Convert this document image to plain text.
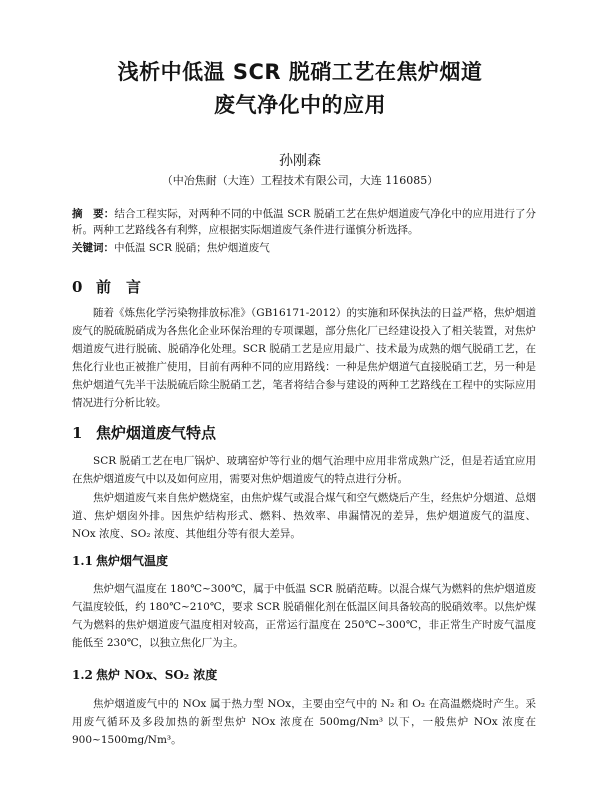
浅析中低温 SCR 脱硝工艺在焦炉烟道
废气净化中的应用
孙刚森
（中冶焦耐（大连）工程技术有限公司，大连 116085）
摘　要：结合工程实际，对两种不同的中低温 SCR 脱硝工艺在焦炉烟道废气净化中的应用进行了分析。两种工艺路线各有利弊，应根据实际烟道废气条件进行谨慎分析选择。
关键词：中低温 SCR 脱硝；焦炉烟道废气
0 前　言
随着《炼焦化学污染物排放标准》（GB16171-2012）的实施和环保执法的日益严格，焦炉烟道废气的脱硫脱硝成为各焦化企业环保治理的专项课题，部分焦化厂已经建设投入了相关装置，对焦炉烟道废气进行脱硫、脱硝净化处理。SCR 脱硝工艺是应用最广、技术最为成熟的烟气脱硝工艺，在焦化行业也正被推广使用，目前有两种不同的应用路线：一种是焦炉烟道气直接脱硝工艺，另一种是焦炉烟道气先半干法脱硫后除尘脱硝工艺，笔者将结合参与建设的两种工艺路线在工程中的实际应用情况进行分析比较。
1 焦炉烟道废气特点
SCR 脱硝工艺在电厂锅炉、玻璃窑炉等行业的烟气治理中应用非常成熟广泛，但是若适宜应用在焦炉烟道废气中以及如何应用，需要对焦炉烟道废气的特点进行分析。
焦炉烟道废气来自焦炉燃烧室，由焦炉煤气或混合煤气和空气燃烧后产生，经焦炉分烟道、总烟道、焦炉烟囱外排。因焦炉结构形式、燃料、热效率、串漏情况的差异，焦炉烟道废气的温度、NOx 浓度、SO₂ 浓度、其他组分等有很大差异。
1.1 焦炉烟气温度
焦炉烟气温度在 180℃~300℃，属于中低温 SCR 脱硝范畴。以混合煤气为燃料的焦炉烟道废气温度较低，约 180℃~210℃，要求 SCR 脱硝催化剂在低温区间具备较高的脱硝效率。以焦炉煤气为燃料的焦炉烟道废气温度相对较高，正常运行温度在 250℃~300℃，非正常生产时废气温度能低至 230℃，以独立焦化厂为主。
1.2 焦炉 NOx、SO₂ 浓度
焦炉烟道废气中的 NOx 属于热力型 NOx，主要由空气中的 N₂ 和 O₂ 在高温燃烧时产生。采用废气循环及多段加热的新型焦炉 NOx 浓度在 500mg/Nm³ 以下，一般焦炉 NOx 浓度在 900~1500mg/Nm³。
